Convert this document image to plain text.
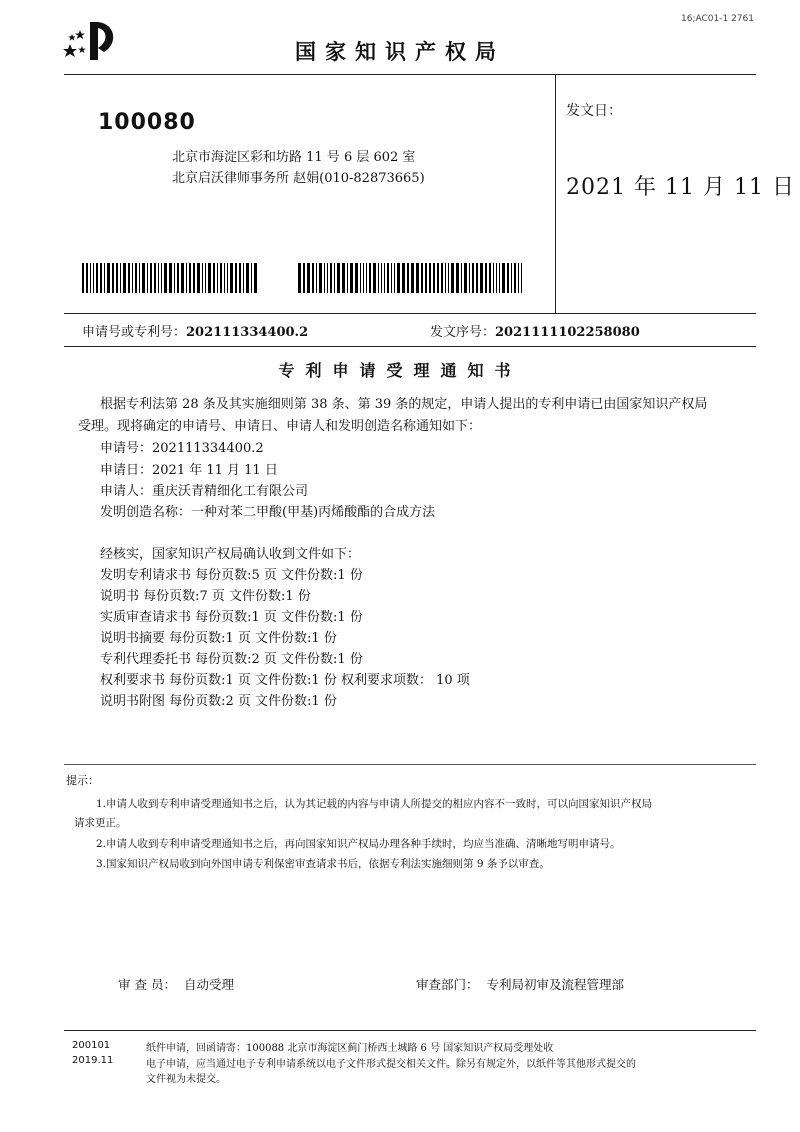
16;AC01-1 2761
国家知识产权局
100080
北京市海淀区彩和坊路 11 号 6 层 602 室
北京启沃律师事务所 赵娟(010-82873665)
发文日：
2021 年 11 月 11 日
申请号或专利号：202111334400.2	发文序号：2021111102258080
专利申请受理通知书
根据专利法第 28 条及其实施细则第 38 条、第 39 条的规定，申请人提出的专利申请已由国家知识产权局
受理。现将确定的申请号、申请日、申请人和发明创造名称通知如下：
申请号：202111334400.2
申请日：2021 年 11 月 11 日
申请人：重庆沃青精细化工有限公司
发明创造名称：一种对苯二甲酸(甲基)丙烯酸酯的合成方法
经核实，国家知识产权局确认收到文件如下：
发明专利请求书 每份页数:5 页 文件份数:1 份
说明书 每份页数:7 页 文件份数:1 份
实质审查请求书 每份页数:1 页 文件份数:1 份
说明书摘要 每份页数:1 页 文件份数:1 份
专利代理委托书 每份页数:2 页 文件份数:1 份
权利要求书 每份页数:1 页 文件份数:1 份 权利要求项数： 10 项
说明书附图 每份页数:2 页 文件份数:1 份
提示：
1.申请人收到专利申请受理通知书之后，认为其记载的内容与申请人所提交的相应内容不一致时，可以向国家知识产权局
请求更正。
2.申请人收到专利申请受理通知书之后，再向国家知识产权局办理各种手续时，均应当准确、清晰地写明申请号。
3.国家知识产权局收到向外国申请专利保密审查请求书后，依据专利法实施细则第 9 条予以审查。
审 查 员： 自动受理	审查部门： 专利局初审及流程管理部
200101
2019.11
纸件申请，回函请寄：100088 北京市海淀区蓟门桥西土城路 6 号 国家知识产权局受理处收
电子申请，应当通过电子专利申请系统以电子文件形式提交相关文件。除另有规定外，以纸件等其他形式提交的
文件视为未提交。
